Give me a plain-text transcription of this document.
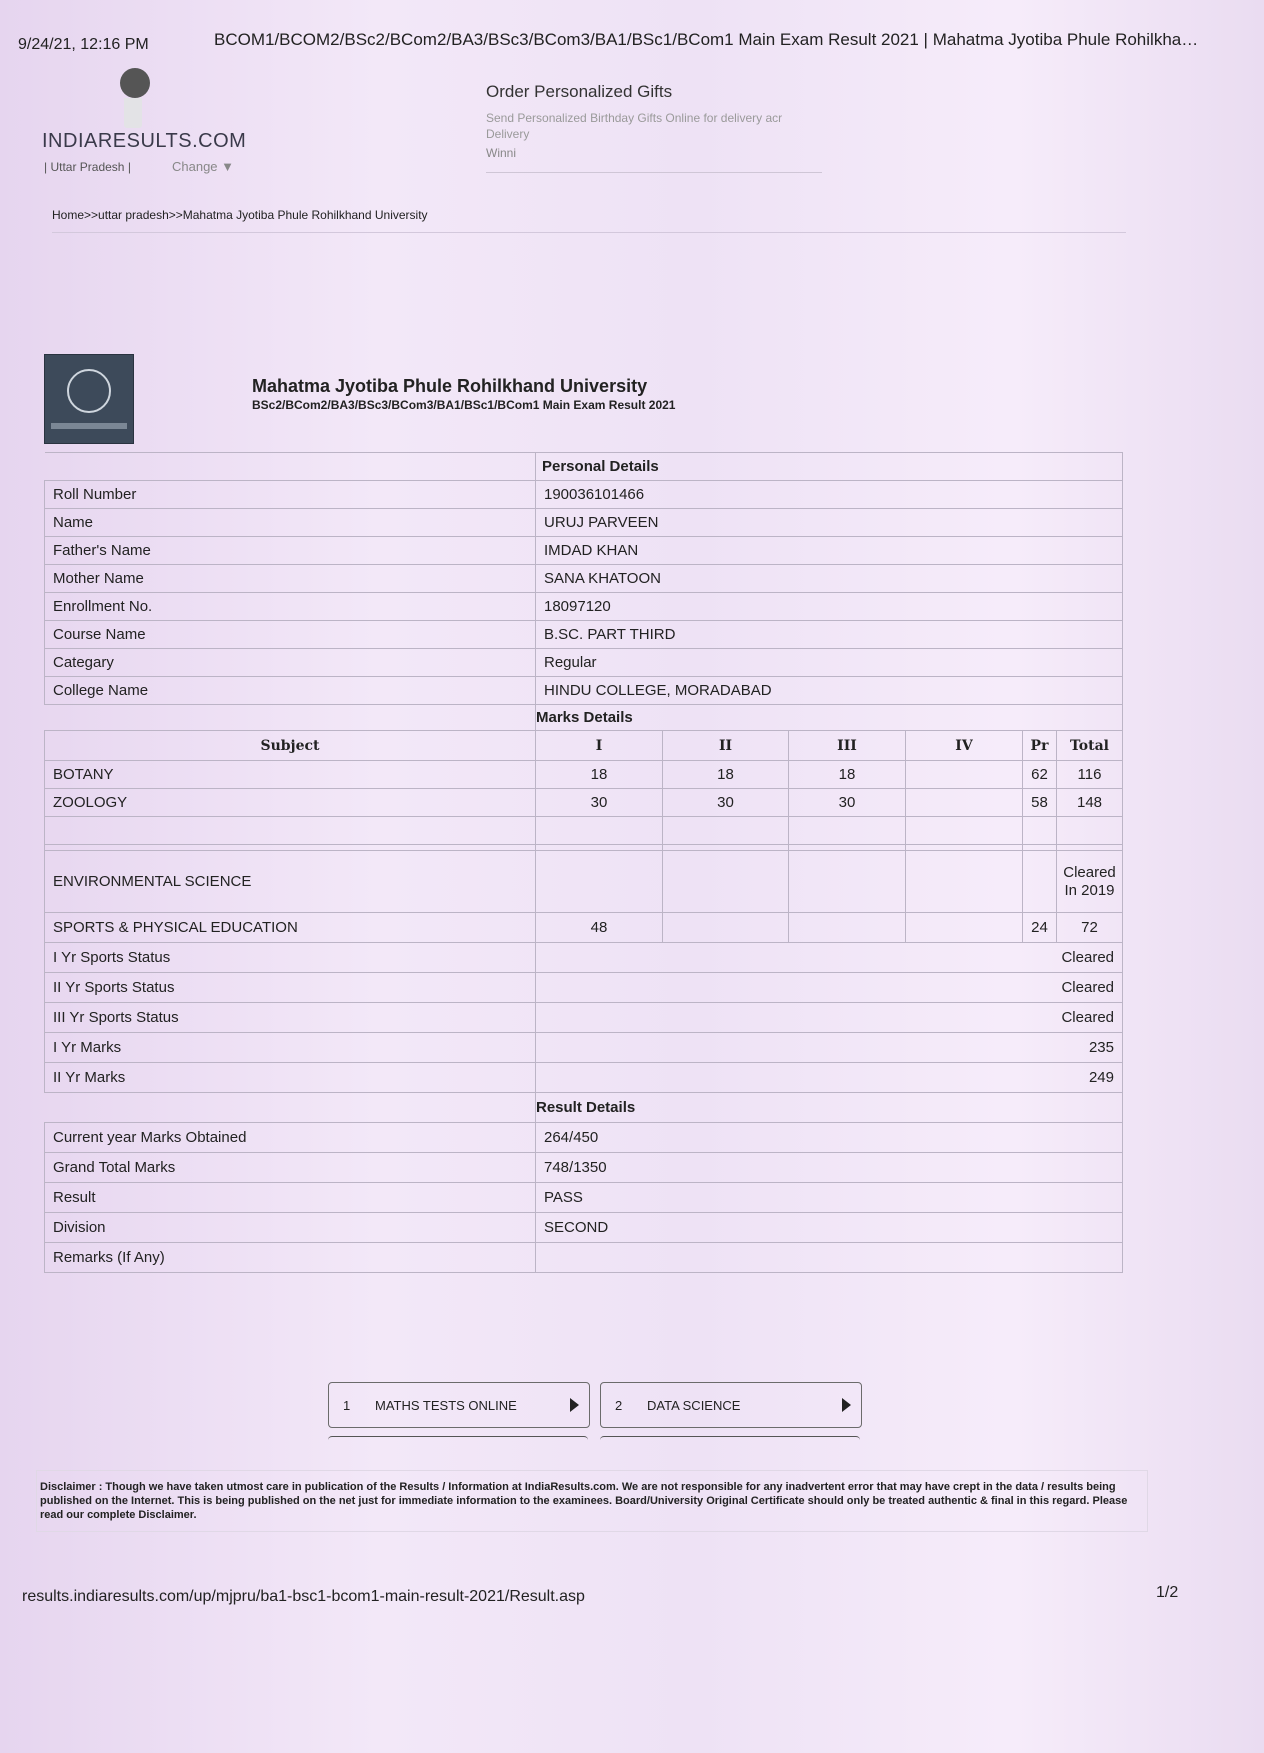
9/24/21, 12:16 PM	BCOM1/BCOM2/BSc2/BCom2/BA3/BSc3/BCom3/BA1/BSc1/BCom1 Main Exam Result 2021 | Mahatma Jyotiba Phule Rohilkha…
INDIARESULTS.COM
| Uttar Pradesh |	Change ▼
Order Personalized Gifts
Send Personalized Birthday Gifts Online for delivery acr Delivery
Winni
Home>>uttar pradesh>>Mahatma Jyotiba Phule Rohilkhand University
Mahatma Jyotiba Phule Rohilkhand University
BSc2/BCom2/BA3/BSc3/BCom3/BA1/BSc1/BCom1 Main Exam Result 2021
	Personal Details					
Roll Number	190036101466					
Name	URUJ PARVEEN					
Father's Name	IMDAD KHAN					
Mother Name	SANA KHATOON					
Enrollment No.	18097120					
Course Name	B.SC. PART THIRD					
Categary	Regular					
College Name	HINDU COLLEGE, MORADABAD					
	Marks Details					
Subject	I	II	III	IV	Pr	Total
BOTANY	18	18	18		62	116
ZOOLOGY	30	30	30		58	148

ENVIRONMENTAL SCIENCE						Cleared In 2019
SPORTS & PHYSICAL EDUCATION	48				24	72
I Yr Sports Status	Cleared					
II Yr Sports Status	Cleared					
III Yr Sports Status	Cleared					
I Yr Marks	235					
II Yr Marks	249					
	Result Details					
Current year Marks Obtained	264/450					
Grand Total Marks	748/1350					
Result	PASS					
Division	SECOND					
Remarks (If Any)						
1	MATHS TESTS ONLINE	2	DATA SCIENCE
Disclaimer : Though we have taken utmost care in publication of the Results / Information at IndiaResults.com. We are not responsible for any inadvertent error that may have crept in the data / results being published on the Internet. This is being published on the net just for immediate information to the examinees. Board/University Original Certificate should only be treated authentic & final in this regard. Please read our complete Disclaimer.
results.indiaresults.com/up/mjpru/ba1-bsc1-bcom1-main-result-2021/Result.asp	1/2
